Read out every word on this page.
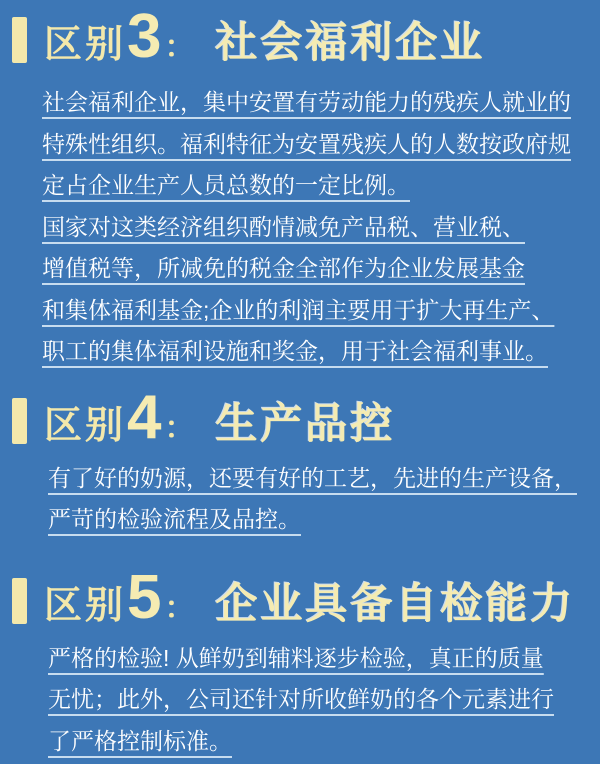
区别 3 ： 社会福利企业
社会福利企业，集中安置有劳动能力的残疾人就业的
特殊性组织。福利特征为安置残疾人的人数按政府规
定占企业生产人员总数的一定比例。
国家对这类经济组织酌情减免产品税、营业税、
增值税等，所减免的税金全部作为企业发展基金
和集体福利基金;企业的利润主要用于扩大再生产、
职工的集体福利设施和奖金，用于社会福利事业。
区别 4 ： 生产品控
有了好的奶源，还要有好的工艺，先进的生产设备，
严苛的检验流程及品控。
区别 5 ： 企业具备自检能力
严格的检验! 从鲜奶到辅料逐步检验，真正的质量
无忧；此外，公司还针对所收鲜奶的各个元素进行
了严格控制标准。
